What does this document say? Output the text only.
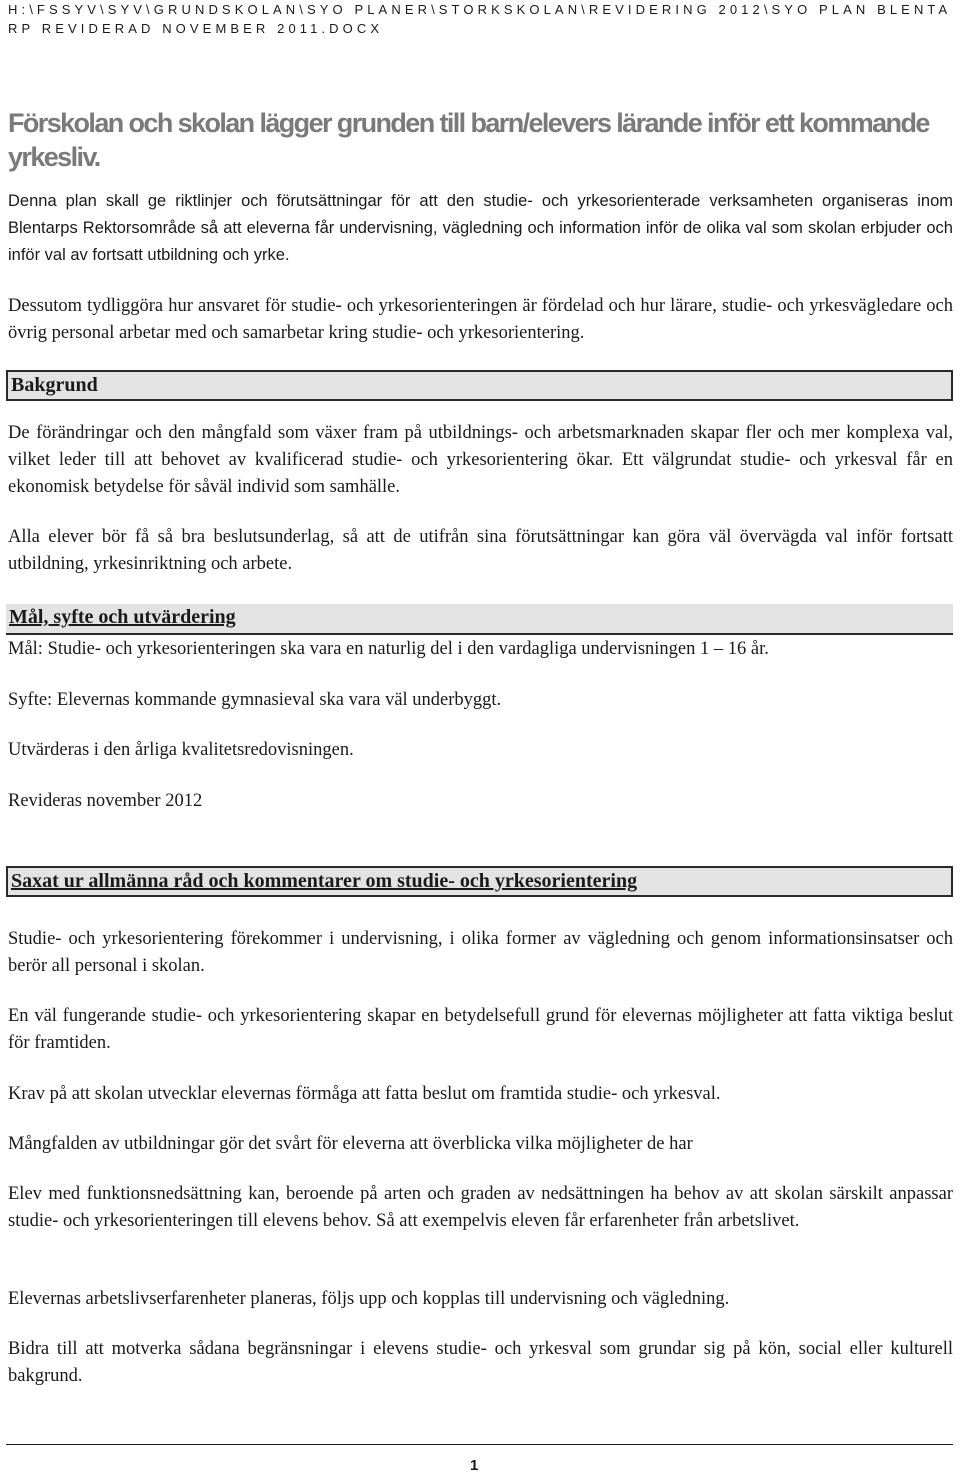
H:\FSSYV\SYV\GRUNDSKOLAN\SYO PLANER\STORKSKOLAN\REVIDERING 2012\SYO PLAN BLENTARP REVIDERAD NOVEMBER 2011.DOCX
Förskolan och skolan lägger grunden till barn/elevers lärande inför ett kommande yrkesliv.

Denna plan skall ge riktlinjer och förutsättningar för att den studie- och yrkesorienterade verksamheten organiseras inom Blentarps Rektorsområde så att eleverna får undervisning, vägledning och information inför de olika val som skolan erbjuder och inför val av fortsatt utbildning och yrke.

Dessutom tydliggöra hur ansvaret för studie- och yrkesorienteringen är fördelad och hur lärare, studie- och yrkesvägledare och övrig personal arbetar med och samarbetar kring studie- och yrkesorientering.

Bakgrund

De förändringar och den mångfald som växer fram på utbildnings- och arbetsmarknaden skapar fler och mer komplexa val, vilket leder till att behovet av kvalificerad studie- och yrkesorientering ökar. Ett välgrundat studie- och yrkesval får en ekonomisk betydelse för såväl individ som samhälle.

Alla elever bör få så bra beslutsunderlag, så att de utifrån sina förutsättningar kan göra väl övervägda val inför fortsatt utbildning, yrkesinriktning och arbete.

Mål, syfte och utvärdering

Mål: Studie- och yrkesorienteringen ska vara en naturlig del i den vardagliga undervisningen 1 – 16 år.

Syfte: Elevernas kommande gymnasieval ska vara väl underbyggt.

Utvärderas i den årliga kvalitetsredovisningen.

Revideras november 2012

Saxat ur allmänna råd och kommentarer om studie- och yrkesorientering

Studie- och yrkesorientering förekommer i undervisning, i olika former av vägledning och genom informationsinsatser och berör all personal i skolan.

En väl fungerande studie- och yrkesorientering skapar en betydelsefull grund för elevernas möjligheter att fatta viktiga beslut för framtiden.

Krav på att skolan utvecklar elevernas förmåga att fatta beslut om framtida studie- och yrkesval.

Mångfalden av utbildningar gör det svårt för eleverna att överblicka vilka möjligheter de har

Elev med funktionsnedsättning kan, beroende på arten och graden av nedsättningen ha behov av att skolan särskilt anpassar studie- och yrkesorienteringen till elevens behov. Så att exempelvis eleven får erfarenheter från arbetslivet.

Elevernas arbetslivserfarenheter planeras, följs upp och kopplas till undervisning och vägledning.

Bidra till att motverka sådana begränsningar i elevens studie- och yrkesval som grundar sig på kön, social eller kulturell bakgrund.

1
